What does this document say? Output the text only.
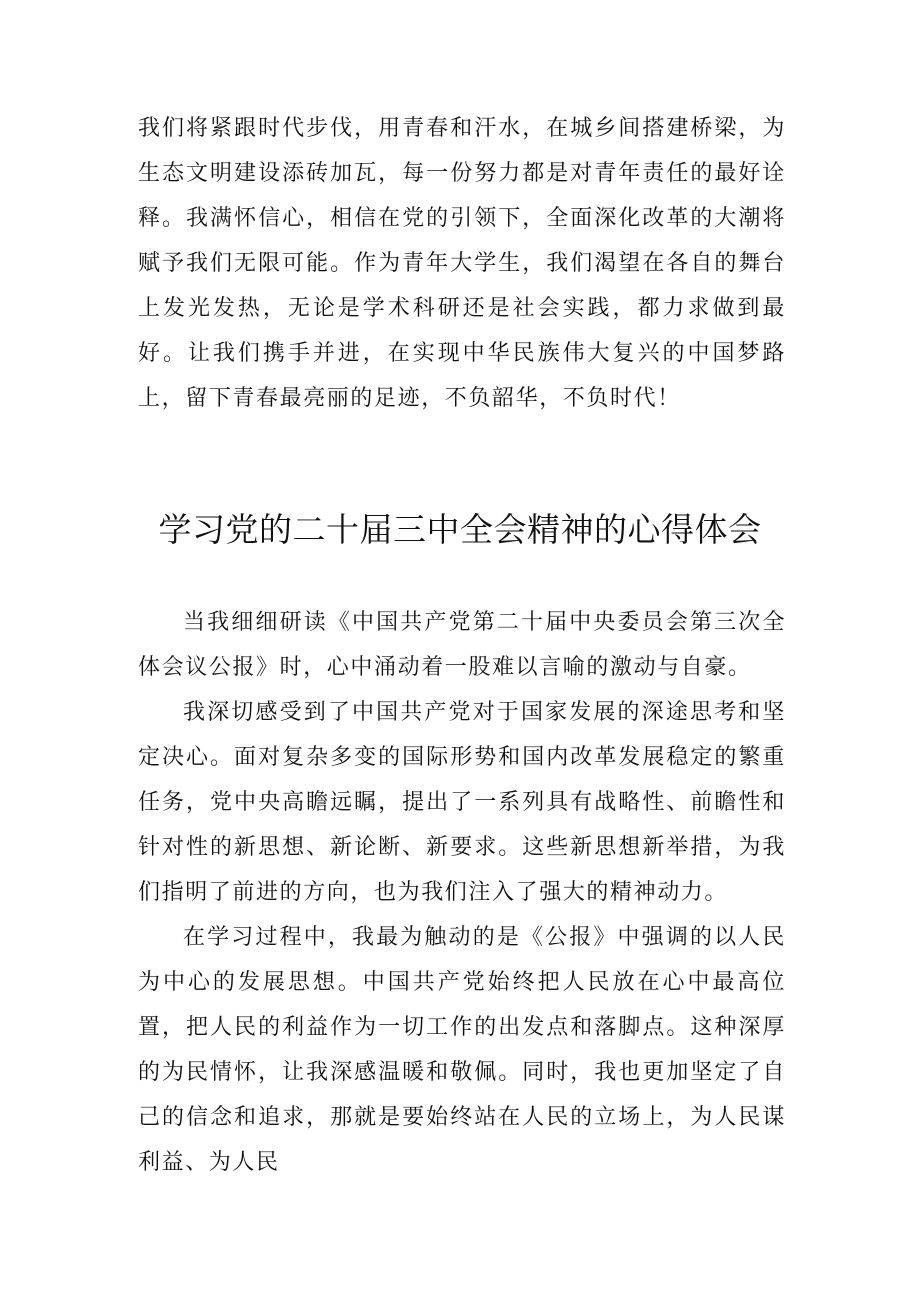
我们将紧跟时代步伐，用青春和汗水，在城乡间搭建桥梁，为生态文明建设添砖加瓦，每一份努力都是对青年责任的最好诠释。我满怀信心，相信在党的引领下，全面深化改革的大潮将赋予我们无限可能。作为青年大学生，我们渴望在各自的舞台上发光发热，无论是学术科研还是社会实践，都力求做到最好。让我们携手并进，在实现中华民族伟大复兴的中国梦路上，留下青春最亮丽的足迹，不负韶华，不负时代！

学习党的二十届三中全会精神的心得体会

当我细细研读《中国共产党第二十届中央委员会第三次全体会议公报》时，心中涌动着一股难以言喻的激动与自豪。

我深切感受到了中国共产党对于国家发展的深途思考和坚定决心。面对复杂多变的国际形势和国内改革发展稳定的繁重任务，党中央高瞻远瞩，提出了一系列具有战略性、前瞻性和针对性的新思想、新论断、新要求。这些新思想新举措，为我们指明了前进的方向，也为我们注入了强大的精神动力。

在学习过程中，我最为触动的是《公报》中强调的以人民为中心的发展思想。中国共产党始终把人民放在心中最高位置，把人民的利益作为一切工作的出发点和落脚点。这种深厚的为民情怀，让我深感温暖和敬佩。同时，我也更加坚定了自己的信念和追求，那就是要始终站在人民的立场上，为人民谋利益、为人民
